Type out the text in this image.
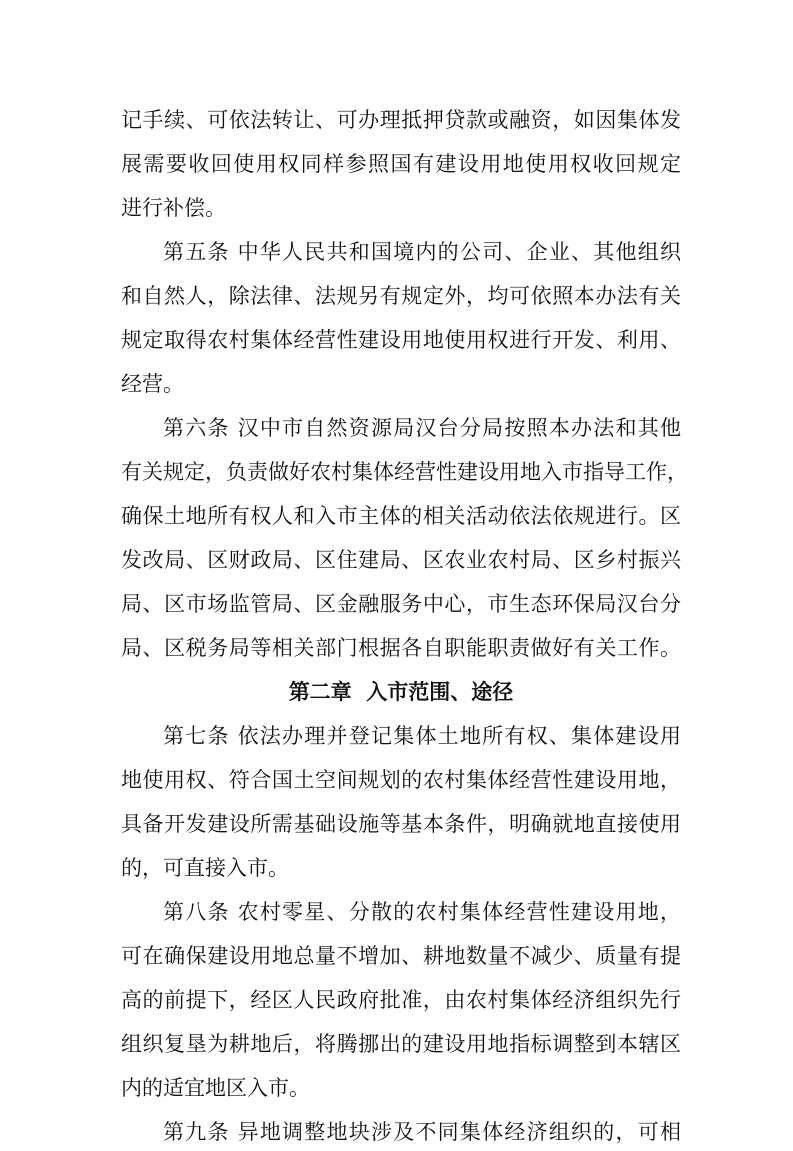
记手续、可依法转让、可办理抵押贷款或融资，如因集体发
展需要收回使用权同样参照国有建设用地使用权收回规定
进行补偿。
第五条 中华人民共和国境内的公司、企业、其他组织
和自然人，除法律、法规另有规定外，均可依照本办法有关
规定取得农村集体经营性建设用地使用权进行开发、利用、
经营。
第六条 汉中市自然资源局汉台分局按照本办法和其他
有关规定，负责做好农村集体经营性建设用地入市指导工作，
确保土地所有权人和入市主体的相关活动依法依规进行。区
发改局、区财政局、区住建局、区农业农村局、区乡村振兴
局、区市场监管局、区金融服务中心，市生态环保局汉台分
局、区税务局等相关部门根据各自职能职责做好有关工作。
第二章  入市范围、途径
第七条 依法办理并登记集体土地所有权、集体建设用
地使用权、符合国土空间规划的农村集体经营性建设用地，
具备开发建设所需基础设施等基本条件，明确就地直接使用
的，可直接入市。
第八条 农村零星、分散的农村集体经营性建设用地，
可在确保建设用地总量不增加、耕地数量不减少、质量有提
高的前提下，经区人民政府批准，由农村集体经济组织先行
组织复垦为耕地后，将腾挪出的建设用地指标调整到本辖区
内的适宜地区入市。
第九条 异地调整地块涉及不同集体经济组织的，可相
